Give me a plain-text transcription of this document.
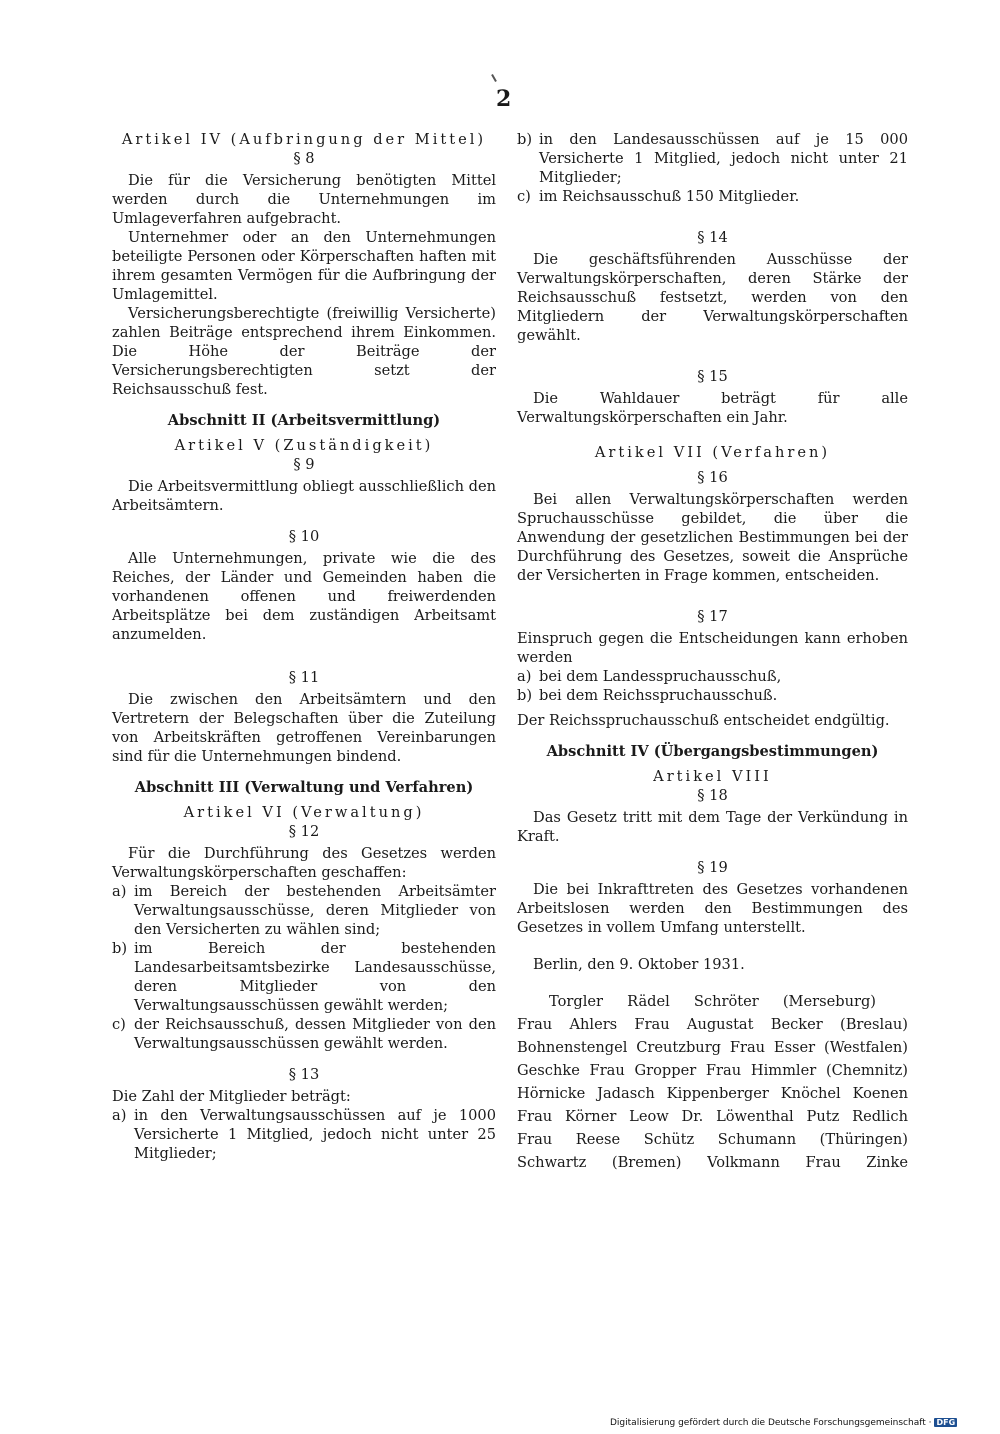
2
Artikel IV (Aufbringung der Mittel)
§ 8

Die für die Versicherung benötigten Mittel werden durch die Unternehmungen im Umlageverfahren aufgebracht.

Unternehmer oder an den Unternehmungen beteiligte Personen oder Körperschaften haften mit ihrem gesamten Vermögen für die Aufbringung der Umlagemittel.

Versicherungsberechtigte (freiwillig Versicherte) zahlen Beiträge entsprechend ihrem Einkommen. Die Höhe der Beiträge der Versicherungsberechtigten setzt der Reichsausschuß fest.

Abschnitt II (Arbeitsvermittlung)
Artikel V (Zuständigkeit)
§ 9

Die Arbeitsvermittlung obliegt ausschließlich den Arbeitsämtern.

§ 10

Alle Unternehmungen, private wie die des Reiches, der Länder und Gemeinden haben die vorhandenen offenen und freiwerdenden Arbeitsplätze bei dem zuständigen Arbeitsamt anzumelden.

§ 11

Die zwischen den Arbeitsämtern und den Vertretern der Belegschaften über die Zuteilung von Arbeitskräften getroffenen Vereinbarungen sind für die Unternehmungen bindend.

Abschnitt III (Verwaltung und Verfahren)
Artikel VI (Verwaltung)
§ 12

Für die Durchführung des Gesetzes werden Verwaltungskörperschaften geschaffen:

a) im Bereich der bestehenden Arbeitsämter Verwaltungsausschüsse, deren Mitglieder von den Versicherten zu wählen sind;
b) im Bereich der bestehenden Landesarbeitsamtsbezirke Landesausschüsse, deren Mitglieder von den Verwaltungsausschüssen gewählt werden;
c) der Reichsausschuß, dessen Mitglieder von den Verwaltungsausschüssen gewählt werden.
§ 13

Die Zahl der Mitglieder beträgt:

a) in den Verwaltungsausschüssen auf je 1000 Versicherte 1 Mitglied, jedoch nicht unter 25 Mitglieder;
b) in den Landesausschüssen auf je 15 000 Versicherte 1 Mitglied, jedoch nicht unter 21 Mitglieder;
c) im Reichsausschuß 150 Mitglieder.
§ 14

Die geschäftsführenden Ausschüsse der Verwaltungskörperschaften, deren Stärke der Reichsausschuß festsetzt, werden von den Mitgliedern der Verwaltungskörperschaften gewählt.

§ 15

Die Wahldauer beträgt für alle Verwaltungskörperschaften ein Jahr.

Artikel VII (Verfahren)
§ 16

Bei allen Verwaltungskörperschaften werden Spruchausschüsse gebildet, die über die Anwendung der gesetzlichen Bestimmungen bei der Durchführung des Gesetzes, soweit die Ansprüche der Versicherten in Frage kommen, entscheiden.

§ 17

Einspruch gegen die Entscheidungen kann erhoben werden

a) bei dem Landesspruchausschuß,
b) bei dem Reichsspruchausschuß.

Der Reichsspruchausschuß entscheidet endgültig.

Abschnitt IV (Übergangsbestimmungen)
Artikel VIII
§ 18

Das Gesetz tritt mit dem Tage der Verkündung in Kraft.

§ 19

Die bei Inkrafttreten des Gesetzes vorhandenen Arbeitslosen werden den Bestimmungen des Gesetzes in vollem Umfang unterstellt.

Berlin, den 9. Oktober 1931.

Torgler Rädel Schröter (Merseburg)
Frau Ahlers Frau Augustat Becker (Breslau)
Bohnenstengel Creutzburg Frau Esser (Westfalen)
Geschke Frau Gropper Frau Himmler (Chemnitz)
Hörnicke Jadasch Kippenberger Knöchel Koenen
Frau Körner Leow Dr. Löwenthal Putz Redlich
Frau Reese Schütz Schumann (Thüringen)
Schwartz (Bremen) Volkmann Frau Zinke
Digitalisierung gefördert durch die Deutsche Forschungsgemeinschaft · DFG
